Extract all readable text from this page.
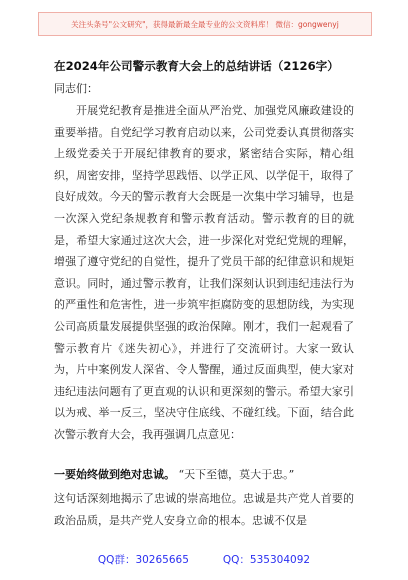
关注头条号"公文研究"，获得最新最全最专业的公文资料库！ 微信：gongwenyj
在2024年公司警示教育大会上的总结讲话（2126字）
同志们：

开展党纪教育是推进全面从严治党、加强党风廉政建设的重要举措。自党纪学习教育启动以来，公司党委认真贯彻落实上级党委关于开展纪律教育的要求，紧密结合实际，精心组织，周密安排，坚持学思践悟、以学正风、以学促干，取得了良好成效。今天的警示教育大会既是一次集中学习辅导，也是一次深入党纪条规教育和警示教育活动。警示教育的目的就是，希望大家通过这次大会，进一步深化对党纪党规的理解，增强了遵守党纪的自觉性，提升了党员干部的纪律意识和规矩意识。同时，通过警示教育，让我们深刻认识到违纪违法行为的严重性和危害性，进一步筑牢拒腐防变的思想防线，为实现公司高质量发展提供坚强的政治保障。刚才，我们一起观看了警示教育片《迷失初心》，并进行了交流研讨。大家一致认为，片中案例发人深省、令人警醒，通过反面典型，使大家对违纪违法问题有了更直观的认识和更深刻的警示。希望大家引以为戒、举一反三，坚决守住底线、不碰红线。下面，结合此次警示教育大会，我再强调几点意见：

一要始终做到绝对忠诚。 “天下至德，莫大于忠。”

这句话深刻地揭示了忠诚的崇高地位。忠诚是共产党人首要的政治品质，是共产党人安身立命的根本。忠诚不仅是

QQ群：30265665	QQ：535304092
